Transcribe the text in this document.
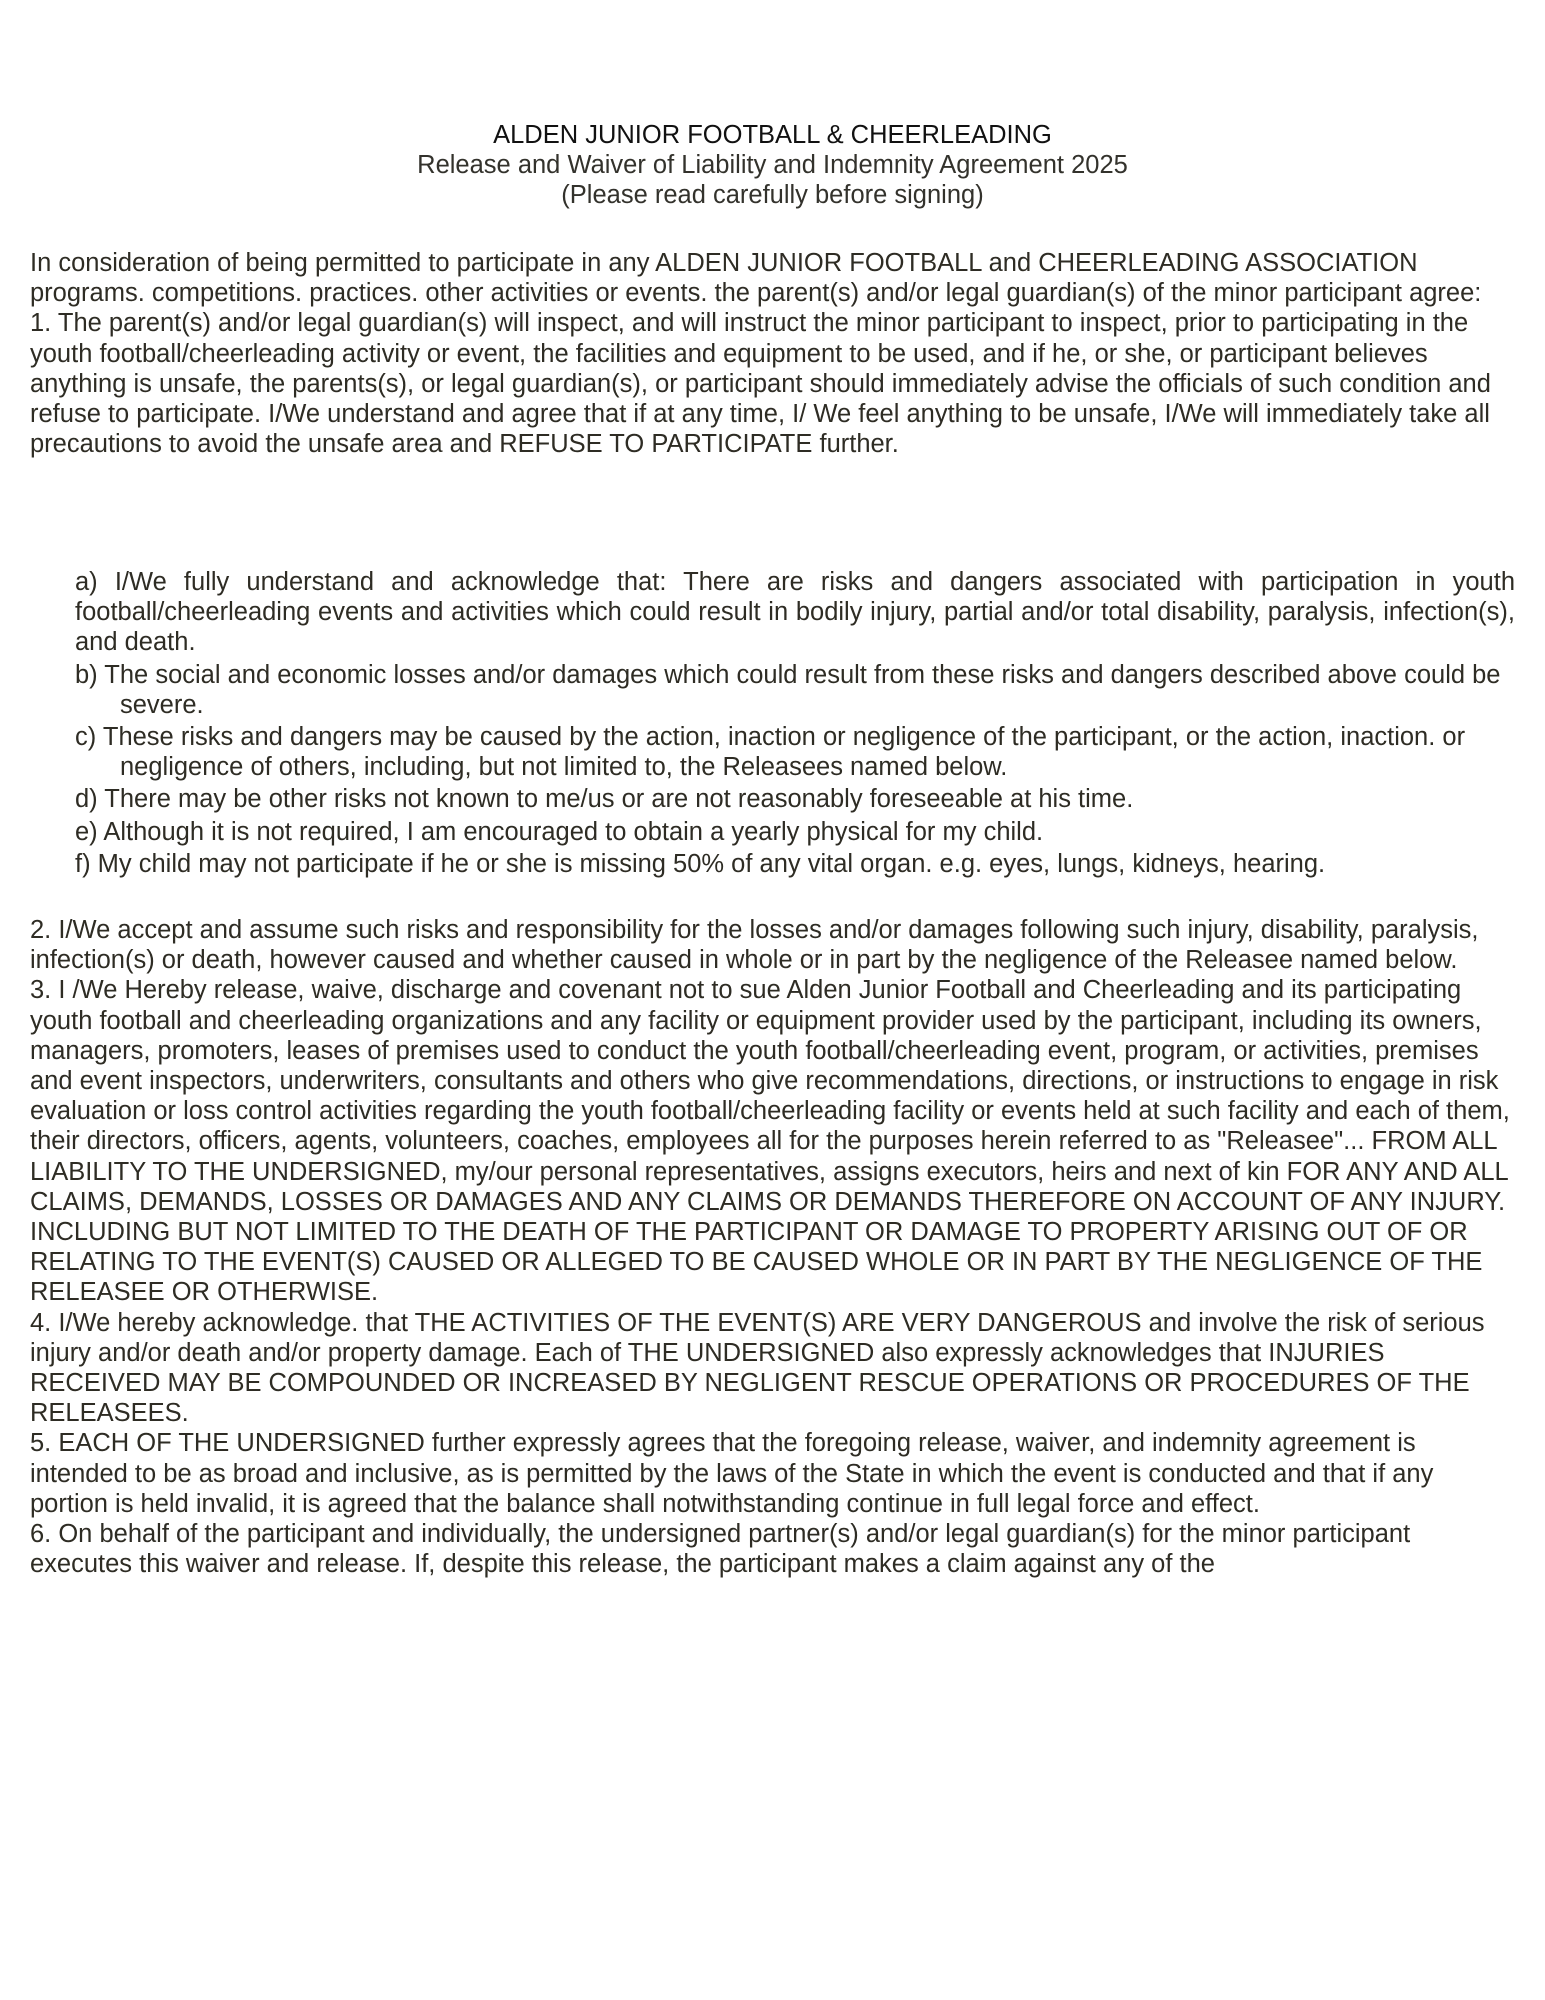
ALDEN JUNIOR FOOTBALL & CHEERLEADING
Release and Waiver of Liability and Indemnity Agreement 2025
(Please read carefully before signing)

In consideration of being permitted to participate in any ALDEN JUNIOR FOOTBALL and CHEERLEADING ASSOCIATION programs. competitions. practices. other activities or events. the parent(s) and/or legal guardian(s) of the minor participant agree:

1. The parent(s) and/or legal guardian(s) will inspect, and will instruct the minor participant to inspect, prior to participating in the youth football/cheerleading activity or event, the facilities and equipment to be used, and if he, or she, or participant believes anything is unsafe, the parents(s), or legal guardian(s), or participant should immediately advise the officials of such condition and refuse to participate. I/We understand and agree that if at any time, I/ We feel anything to be unsafe, I/We will immediately take all precautions to avoid the unsafe area and REFUSE TO PARTICIPATE further.

a) I/We fully understand and acknowledge that: There are risks and dangers associated with participation in youth football/cheerleading events and activities which could result in bodily injury, partial and/or total disability, paralysis, infection(s), and death.
b) The social and economic losses and/or damages which could result from these risks and dangers described above could be severe.
c) These risks and dangers may be caused by the action, inaction or negligence of the participant, or the action, inaction. or negligence of others, including, but not limited to, the Releasees named below.
d) There may be other risks not known to me/us or are not reasonably foreseeable at his time.
e) Although it is not required, I am encouraged to obtain a yearly physical for my child.
f) My child may not participate if he or she is missing 50% of any vital organ. e.g. eyes, lungs, kidneys, hearing.

2. I/We accept and assume such risks and responsibility for the losses and/or damages following such injury, disability, paralysis, infection(s) or death, however caused and whether caused in whole or in part by the negligence of the Releasee named below.

3. I /We Hereby release, waive, discharge and covenant not to sue Alden Junior Football and Cheerleading and its participating youth football and cheerleading organizations and any facility or equipment provider used by the participant, including its owners, managers, promoters, leases of premises used to conduct the youth football/cheerleading event, program, or activities, premises and event inspectors, underwriters, consultants and others who give recommendations, directions, or instructions to engage in risk evaluation or loss control activities regarding the youth football/cheerleading facility or events held at such facility and each of them, their directors, officers, agents, volunteers, coaches, employees all for the purposes herein referred to as "Releasee"... FROM ALL LIABILITY TO THE UNDERSIGNED, my/our personal representatives, assigns executors, heirs and next of kin FOR ANY AND ALL CLAIMS, DEMANDS, LOSSES OR DAMAGES AND ANY CLAIMS OR DEMANDS THEREFORE ON ACCOUNT OF ANY INJURY. INCLUDING BUT NOT LIMITED TO THE DEATH OF THE PARTICIPANT OR DAMAGE TO PROPERTY ARISING OUT OF OR RELATING TO THE EVENT(S) CAUSED OR ALLEGED TO BE CAUSED WHOLE OR IN PART BY THE NEGLIGENCE OF THE RELEASEE OR OTHERWISE.

4. I/We hereby acknowledge. that THE ACTIVITIES OF THE EVENT(S) ARE VERY DANGEROUS and involve the risk of serious injury and/or death and/or property damage. Each of THE UNDERSIGNED also expressly acknowledges that INJURIES RECEIVED MAY BE COMPOUNDED OR INCREASED BY NEGLIGENT RESCUE OPERATIONS OR PROCEDURES OF THE RELEASEES.

5. EACH OF THE UNDERSIGNED further expressly agrees that the foregoing release, waiver, and indemnity agreement is intended to be as broad and inclusive, as is permitted by the laws of the State in which the event is conducted and that if any portion is held invalid, it is agreed that the balance shall notwithstanding continue in full legal force and effect.

6. On behalf of the participant and individually, the undersigned partner(s) and/or legal guardian(s) for the minor participant executes this waiver and release. If, despite this release, the participant makes a claim against any of the
